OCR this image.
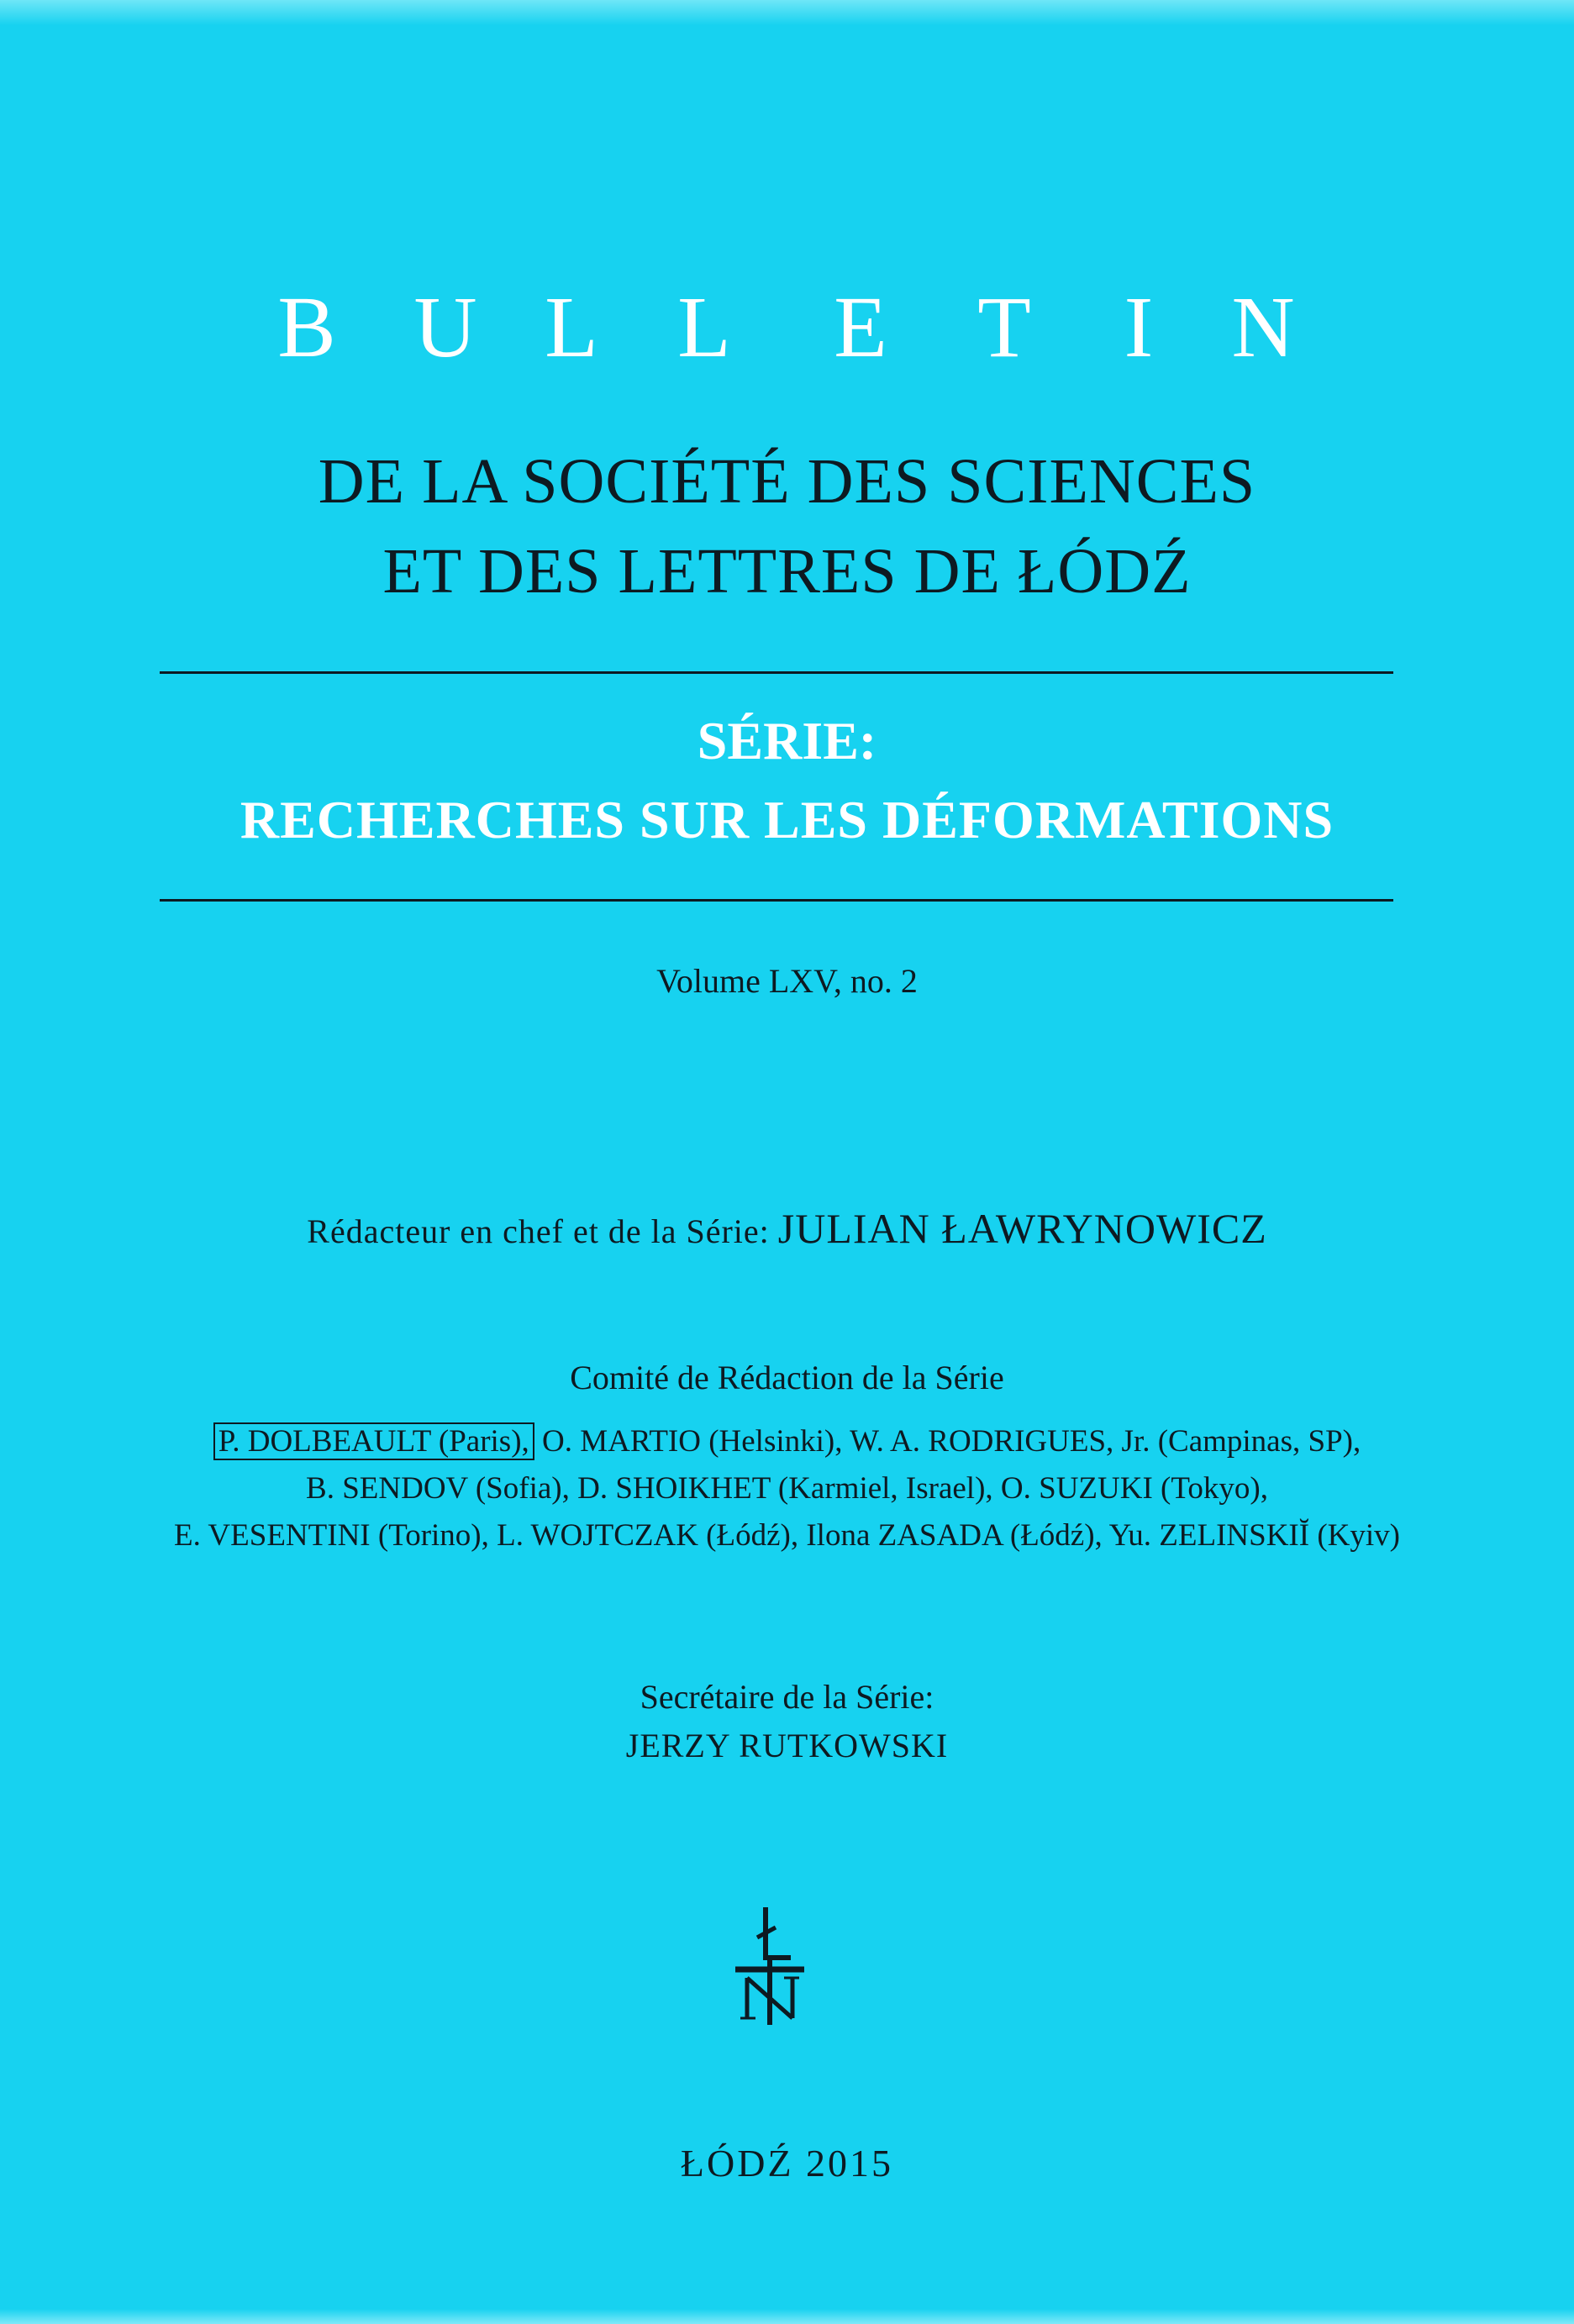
B U L L E T I N
DE LA SOCIÉTÉ DES SCIENCES
ET DES LETTRES DE ŁÓDŹ
SÉRIE:
RECHERCHES SUR LES DÉFORMATIONS
Volume LXV, no. 2
Rédacteur en chef et de la Série: JULIAN ŁAWRYNOWICZ
Comité de Rédaction de la Série
P. DOLBEAULT (Paris), O. MARTIO (Helsinki), W. A. RODRIGUES, Jr. (Campinas, SP),
B. SENDOV (Sofia), D. SHOIKHET (Karmiel, Israel), O. SUZUKI (Tokyo),
E. VESENTINI (Torino), L. WOJTCZAK (Łódź), Ilona ZASADA (Łódź), Yu. ZELINSKIĬ (Kyiv)
Secrétaire de la Série:
JERZY RUTKOWSKI
ŁÓDŹ 2015
